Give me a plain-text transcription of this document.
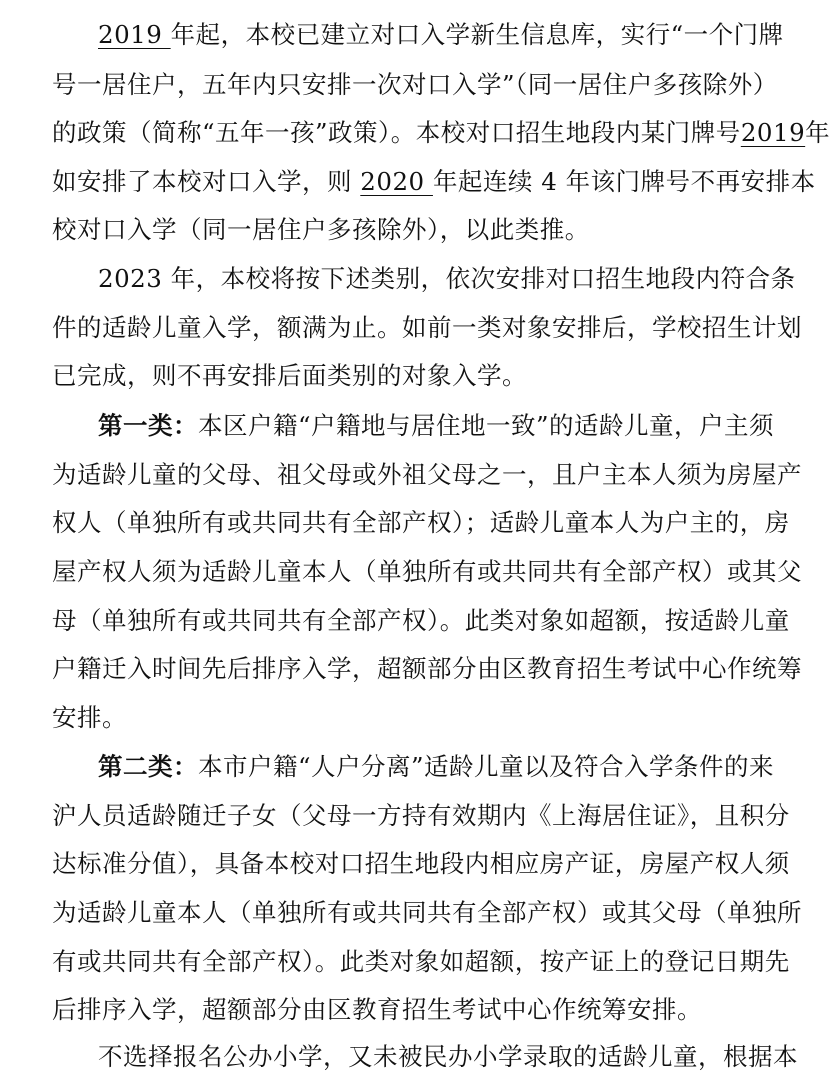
2019 年起，本校已建立对口入学新生信息库，实行“一个门牌
号一居住户，五年内只安排一次对口入学”（同一居住户多孩除外）
的政策（简称“五年一孩”政策）。本校对口招生地段内某门牌号2019年
如安排了本校对口入学，则 2020 年起连续 4 年该门牌号不再安排本
校对口入学（同一居住户多孩除外），以此类推。
2023 年，本校将按下述类别，依次安排对口招生地段内符合条
件的适龄儿童入学，额满为止。如前一类对象安排后，学校招生计划
已完成，则不再安排后面类别的对象入学。
第一类：本区户籍“户籍地与居住地一致”的适龄儿童，户主须
为适龄儿童的父母、祖父母或外祖父母之一，且户主本人须为房屋产
权人（单独所有或共同共有全部产权）；适龄儿童本人为户主的，房
屋产权人须为适龄儿童本人（单独所有或共同共有全部产权）或其父
母（单独所有或共同共有全部产权）。此类对象如超额，按适龄儿童
户籍迁入时间先后排序入学，超额部分由区教育招生考试中心作统筹
安排。
第二类：本市户籍“人户分离”适龄儿童以及符合入学条件的来
沪人员适龄随迁子女（父母一方持有效期内《上海居住证》，且积分
达标准分值），具备本校对口招生地段内相应房产证，房屋产权人须
为适龄儿童本人（单独所有或共同共有全部产权）或其父母（单独所
有或共同共有全部产权）。此类对象如超额，按产证上的登记日期先
后排序入学，超额部分由区教育招生考试中心作统筹安排。
不选择报名公办小学，又未被民办小学录取的适龄儿童，根据本
